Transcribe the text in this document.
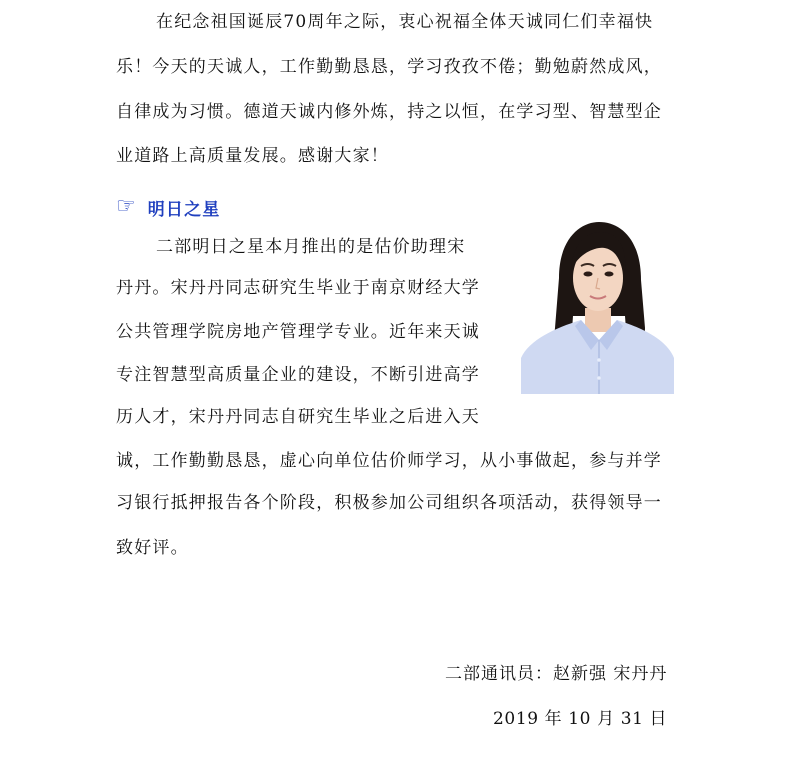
在纪念祖国诞辰70周年之际，衷心祝福全体天诚同仁们幸福快
乐！今天的天诚人，工作勤勤恳恳，学习孜孜不倦；勤勉蔚然成风，
自律成为习惯。德道天诚内修外炼，持之以恒，在学习型、智慧型企
业道路上高质量发展。感谢大家！
☞ 明日之星
二部明日之星本月推出的是估价助理宋
丹丹。宋丹丹同志研究生毕业于南京财经大学
公共管理学院房地产管理学专业。近年来天诚
专注智慧型高质量企业的建设，不断引进高学
历人才，宋丹丹同志自研究生毕业之后进入天
诚，工作勤勤恳恳，虚心向单位估价师学习，从小事做起，参与并学
习银行抵押报告各个阶段，积极参加公司组织各项活动，获得领导一
致好评。
二部通讯员：赵新强 宋丹丹
2019 年 10 月 31 日
